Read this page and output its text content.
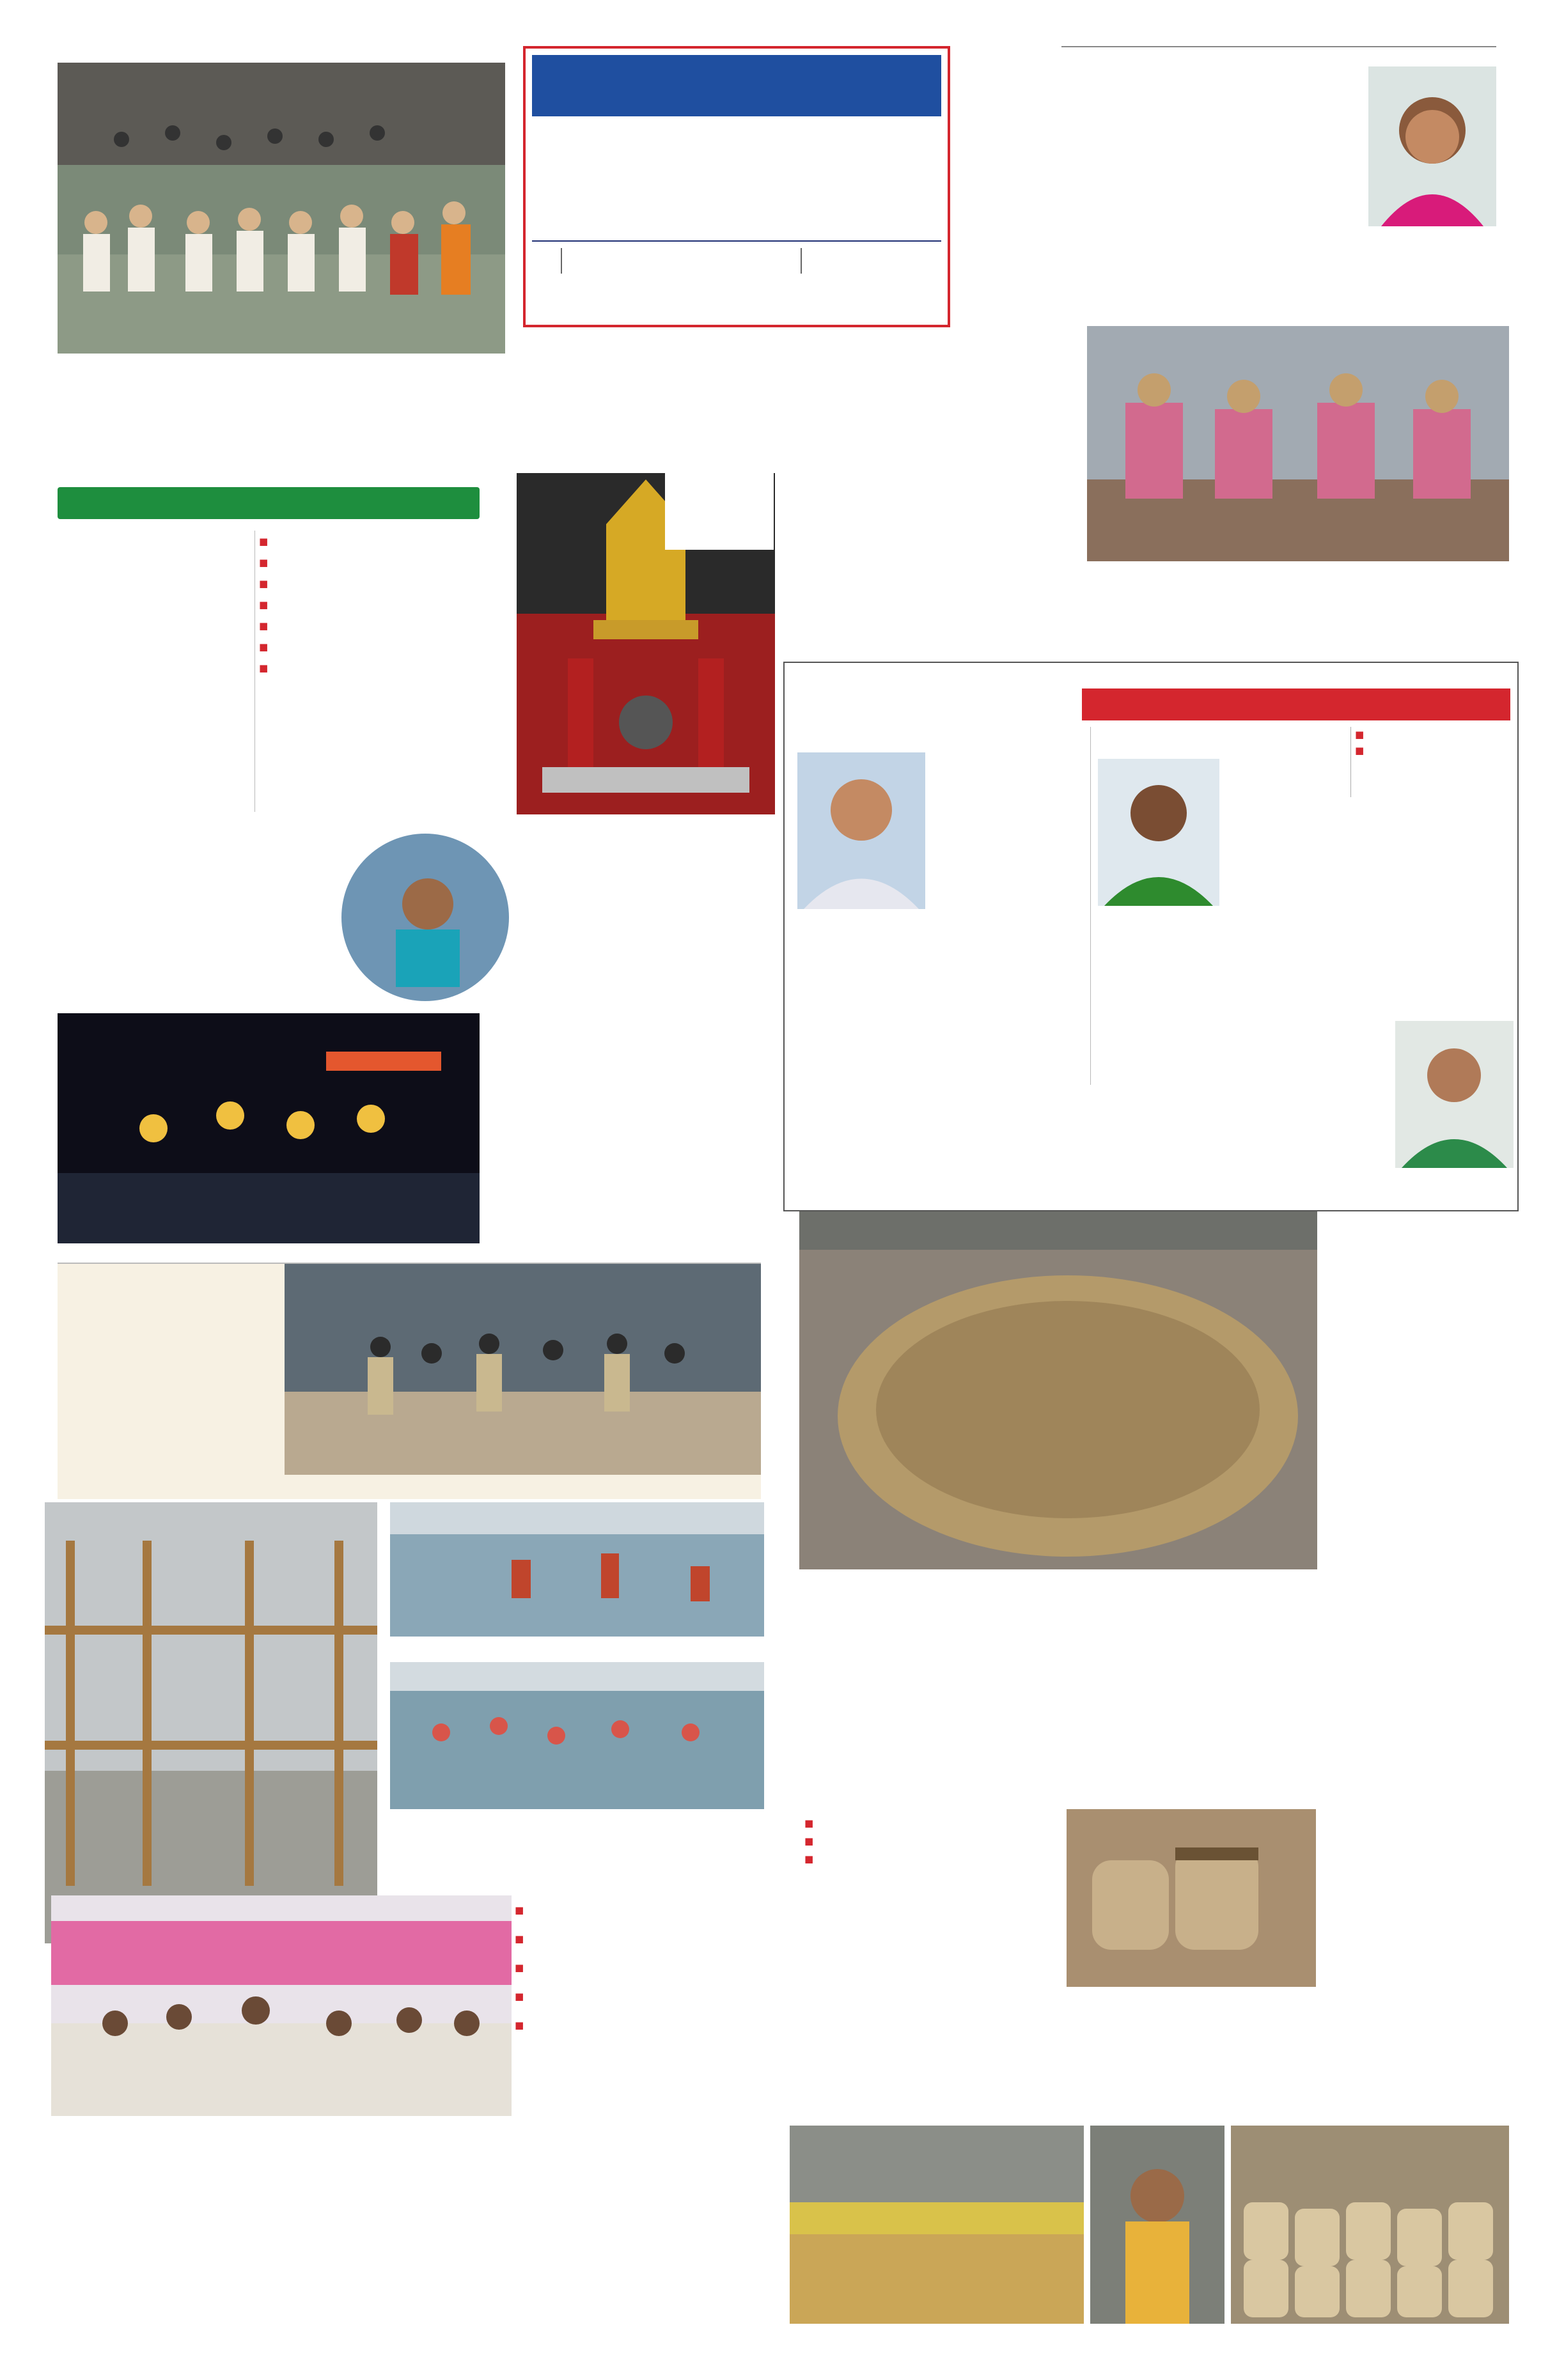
■
■
■
■
■
■
■
■
■
■
■
■
■
■
■
■
■
